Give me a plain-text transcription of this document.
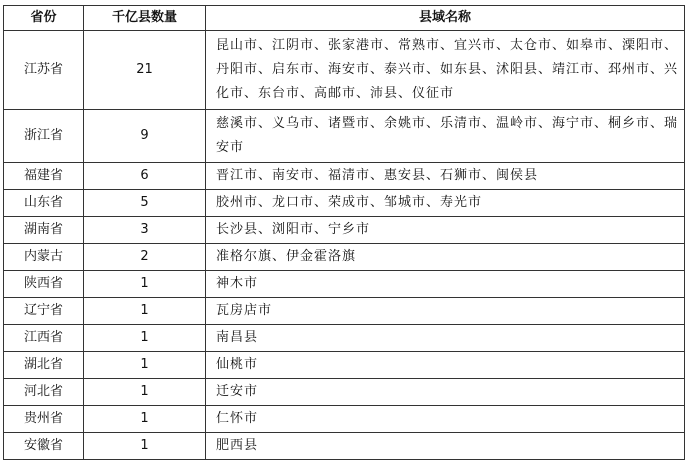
省份	千亿县数量	县域名称
江苏省	21	昆山市、江阴市、张家港市、常熟市、宜兴市、太仓市、如皋市、溧阳市、丹阳市、启东市、海安市、泰兴市、如东县、沭阳县、靖江市、邳州市、兴化市、东台市、高邮市、沛县、仪征市
浙江省	9	慈溪市、义乌市、诸暨市、余姚市、乐清市、温岭市、海宁市、桐乡市、瑞安市
福建省	6	晋江市、南安市、福清市、惠安县、石狮市、闽侯县
山东省	5	胶州市、龙口市、荣成市、邹城市、寿光市
湖南省	3	长沙县、浏阳市、宁乡市
内蒙古	2	准格尔旗、伊金霍洛旗
陕西省	1	神木市
辽宁省	1	瓦房店市
江西省	1	南昌县
湖北省	1	仙桃市
河北省	1	迁安市
贵州省	1	仁怀市
安徽省	1	肥西县
